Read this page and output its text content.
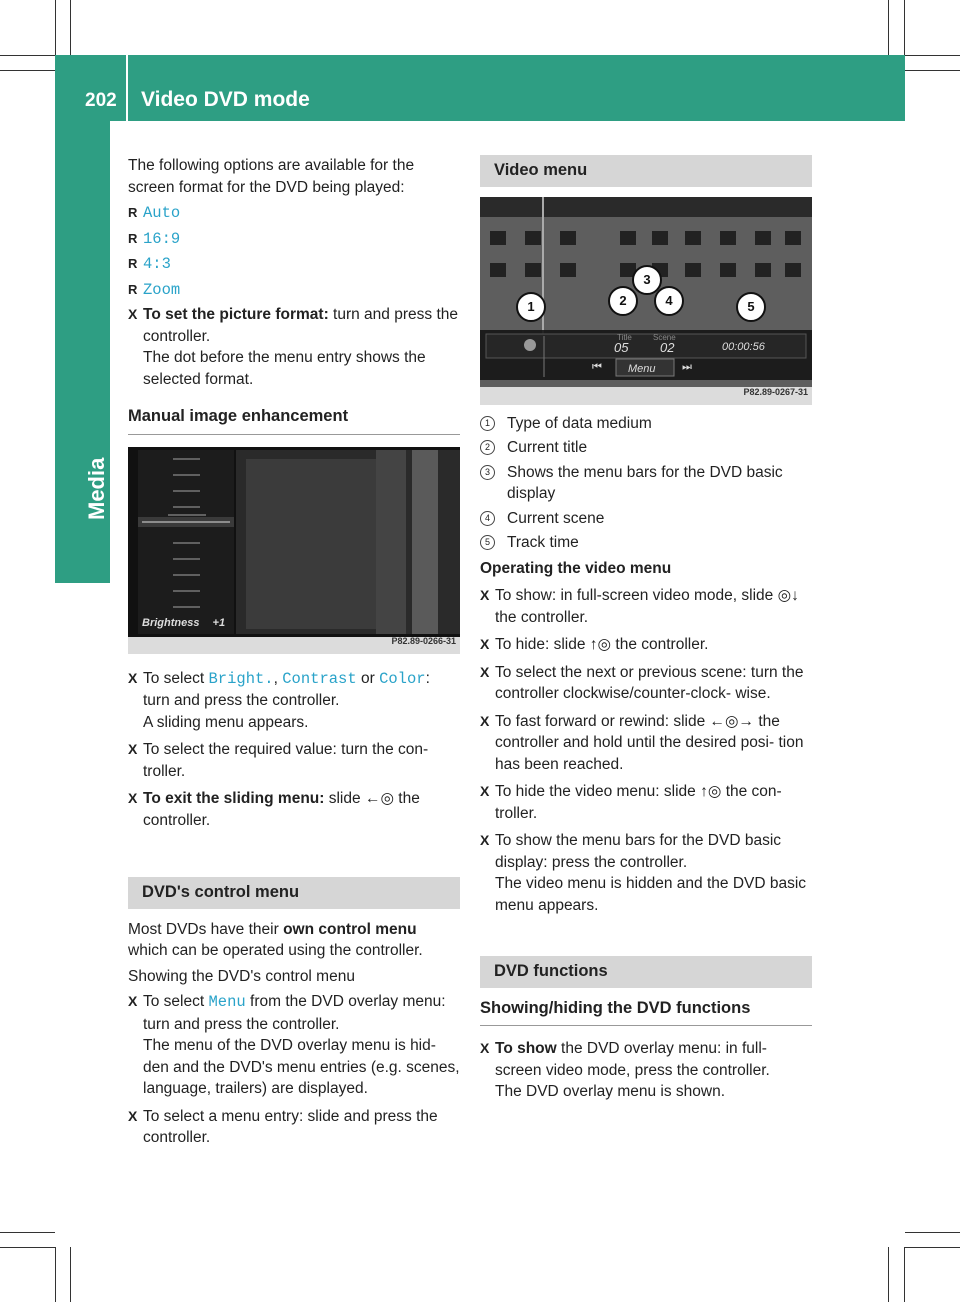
202	Video DVD mode
Media

The following options are available for the screen format for the DVD being played:

R Auto
R 16:9
R 4:3
R Zoom
X To set the picture format: turn and press the controller.
The dot before the menu entry shows the selected format.
Manual image enhancement
Brightness +1
P82.89-0266-31
X To select Bright., Contrast or Color:
turn and press the controller.
A sliding menu appears.
X To select the required value: turn the con- troller.
X To exit the sliding menu: slide ←◎ the controller.
DVD's control menu

Most DVDs have their own control menu which can be operated using the controller.

Showing the DVD's control menu

X To select Menu from the DVD overlay menu: turn and press the controller.
The menu of the DVD overlay menu is hid- den and the DVD's menu entries (e.g. scenes, language, trailers) are displayed.
X To select a menu entry: slide and press the controller.
Video menu
Title
05
Scene
02	00:00:56
⏮ Menu ⏭
1	2
3
4	5
P82.89-0267-31
1	Type of data medium
2	Current title
3	Shows the menu bars for the DVD basic display
4	Current scene
5	Track time

Operating the video menu

X To show: in full-screen video mode, slide ◎↓ the controller.
X To hide: slide ↑◎ the controller.
X To select the next or previous scene: turn the controller clockwise/counter-clock- wise.
X To fast forward or rewind: slide ←◎→ the controller and hold until the desired posi- tion has been reached.
X To hide the video menu: slide ↑◎ the con- troller.
X To show the menu bars for the DVD basic display: press the controller.
The video menu is hidden and the DVD basic menu appears.
DVD functions
Showing/hiding the DVD functions
X To show the DVD overlay menu: in full- screen video mode, press the controller.
The DVD overlay menu is shown.
